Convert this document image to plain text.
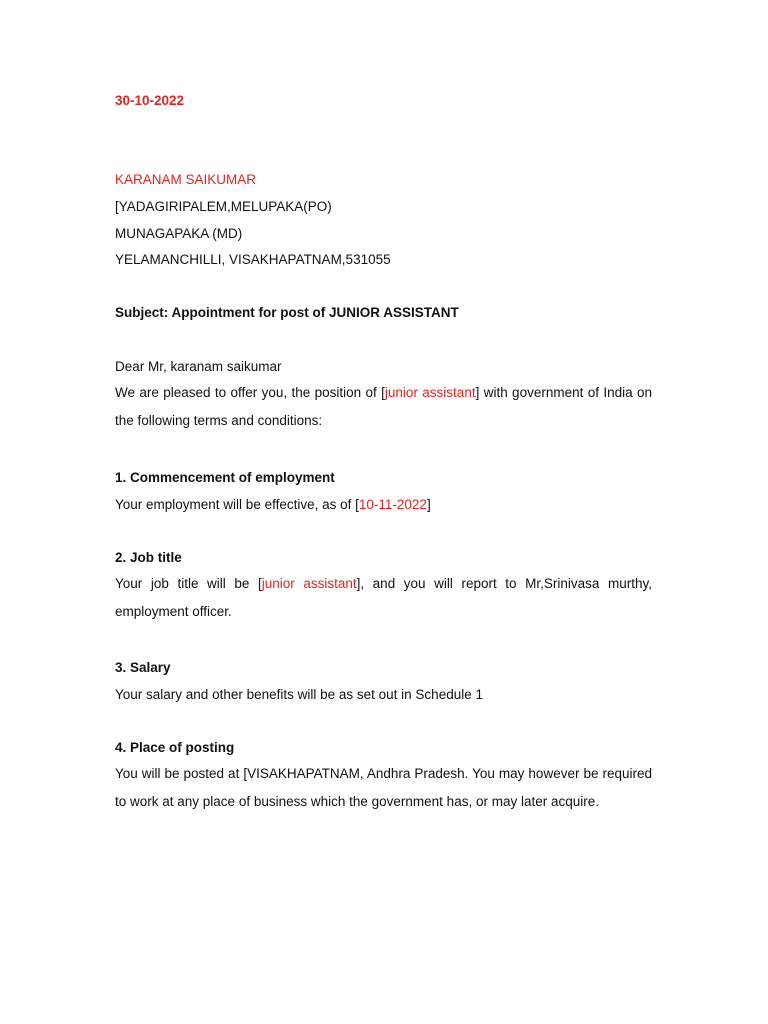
30-10-2022
KARANAM SAIKUMAR
[YADAGIRIPALEM,MELUPAKA(PO)
MUNAGAPAKA (MD)
YELAMANCHILLI, VISAKHAPATNAM,531055
Subject: Appointment for post of JUNIOR ASSISTANT
Dear Mr, karanam saikumar
We are pleased to offer you, the position of [junior assistant] with government of India on the following terms and conditions:
1. Commencement of employment
Your employment will be effective, as of [10-11-2022]
2. Job title
Your job title will be [junior assistant], and you will report to Mr,Srinivasa murthy, employment officer.
3. Salary
Your salary and other benefits will be as set out in Schedule 1
4. Place of posting
You will be posted at [VISAKHAPATNAM, Andhra Pradesh. You may however be required to work at any place of business which the government has, or may later acquire.
